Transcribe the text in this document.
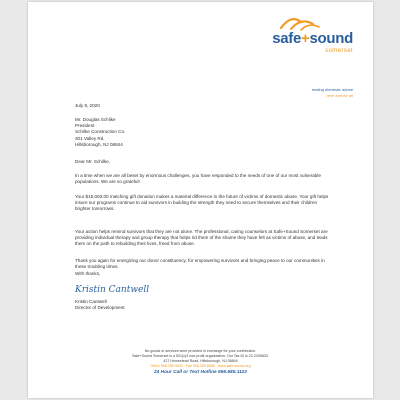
safe+sound
somerset
ending domestic abuse
here and for all
July 8, 2020
Mr. Douglas Schlike
President
Schilke Construction Co.
301 Valley Rd.
Hillsborough, NJ 08844
Dear Mr. Schilke,
In a time when we are all beset by enormous challenges, you have responded to the needs of one of our most vulnerable populations. We are so grateful!
Your $15,000.00 matching gift donation makes a material difference in the future of victims of domestic abuse. Your gift helps insure our programs continue to aid survivors in building the strength they need to secure themselves and their children brighter tomorrows.
Your action helps remind survivors that they are not alone. The professional, caring counselors at Safe+Sound Somerset are providing individual therapy and group therapy that helps rid them of the shame they have felt as victims of abuse, and leads them on the path to rebuilding their lives, freed from abuse.
Thank you again for energizing our donor constituency, for empowering survivors and bringing peace to our communities in these troubling times.
With thanks,
Kristin Cantwell
Kristin Cantwell
Director of Development
No goods or services were provided in exchange for your contribution.
Safe+Sound Somerset is a 501(c)3 non-profit organization. Our Tax ID is 22-2205833.
427 Homestead Road, Hillsborough, NJ 08844
Office 908.359.0003 · Fax 908.359.8885 · www.safe-sound.org
24 Hour Call or Text Hotline 866.685.1122
